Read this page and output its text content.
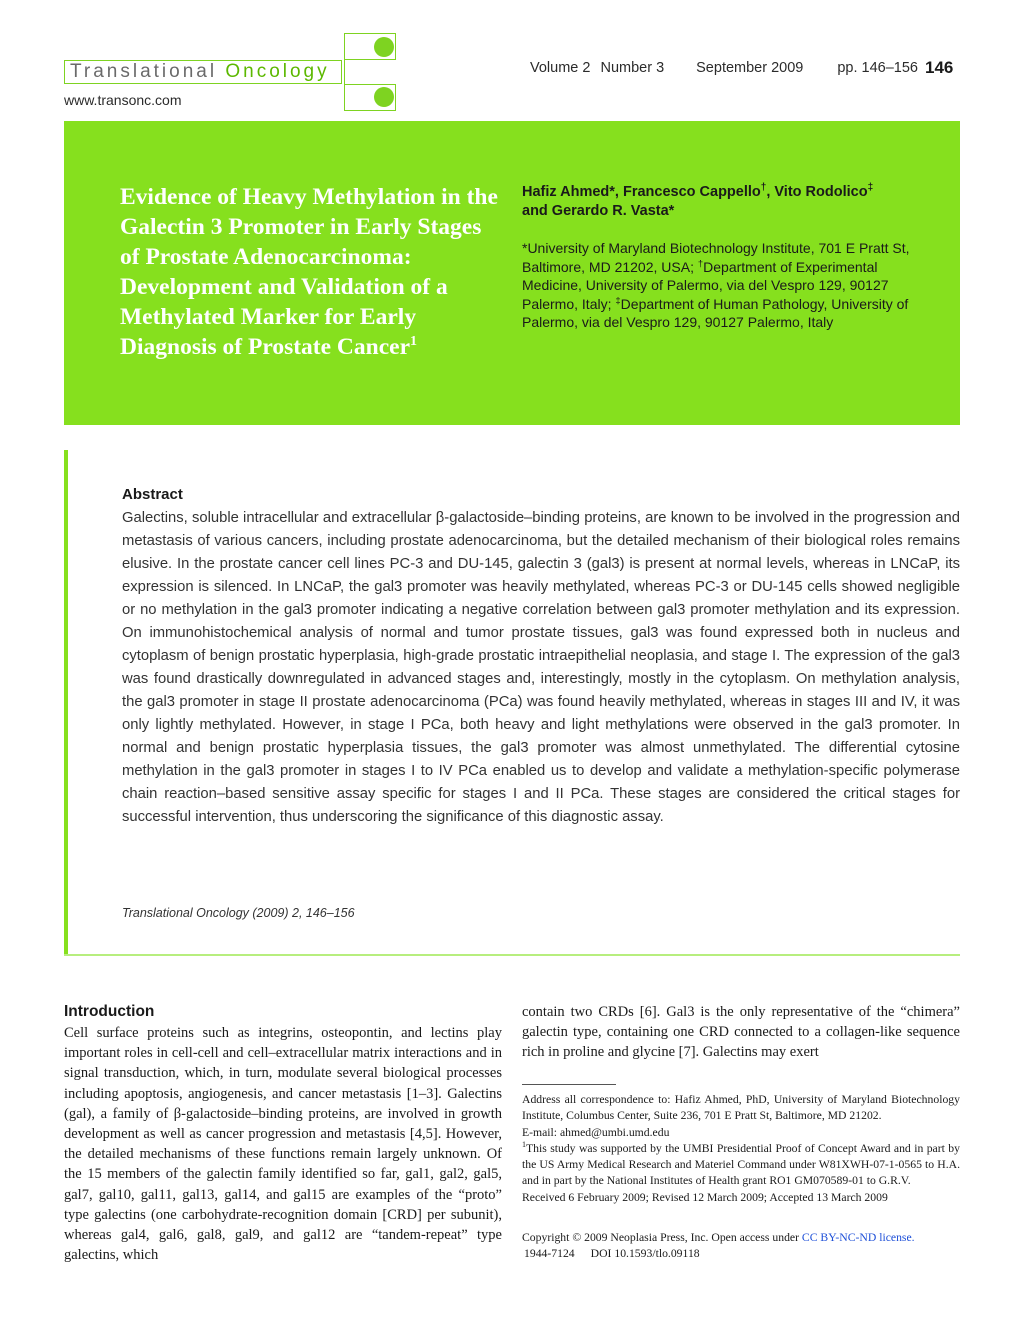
Translational Oncology
www.transonc.com
Volume 2 Number 3 September 2009 pp. 146–156 146
Evidence of Heavy Methylation in the Galectin 3 Promoter in Early Stages of Prostate Adenocarcinoma: Development and Validation of a Methylated Marker for Early Diagnosis of Prostate Cancer$^1$
Hafiz Ahmed*, Francesco Cappello†, Vito Rodolico‡
and Gerardo R. Vasta*
*University of Maryland Biotechnology Institute, 701 E Pratt St, Baltimore, MD 21202, USA; †Department of Experimental Medicine, University of Palermo, via del Vespro 129, 90127 Palermo, Italy; ‡Department of Human Pathology, University of Palermo, via del Vespro 129, 90127 Palermo, Italy
Abstract

Galectins, soluble intracellular and extracellular β-galactoside–binding proteins, are known to be involved in the progression and metastasis of various cancers, including prostate adenocarcinoma, but the detailed mechanism of their biological roles remains elusive. In the prostate cancer cell lines PC-3 and DU-145, galectin 3 (gal3) is present at normal levels, whereas in LNCaP, its expression is silenced. In LNCaP, the gal3 promoter was heavily methylated, whereas PC-3 or DU-145 cells showed negligible or no methylation in the gal3 promoter indicating a negative correlation between gal3 promoter methylation and its expression. On immunohistochemical analysis of normal and tumor prostate tissues, gal3 was found expressed both in nucleus and cytoplasm of benign prostatic hyperplasia, high-grade prostatic intraepithelial neoplasia, and stage I. The expression of the gal3 was found drastically downregulated in advanced stages and, interestingly, mostly in the cytoplasm. On methylation analysis, the gal3 promoter in stage II prostate adenocarcinoma (PCa) was found heavily methylated, whereas in stages III and IV, it was only lightly methylated. However, in stage I PCa, both heavy and light methylations were observed in the gal3 promoter. In normal and benign prostatic hyperplasia tissues, the gal3 promoter was almost unmethylated. The differential cytosine methylation in the gal3 promoter in stages I to IV PCa enabled us to develop and validate a methylation-specific polymerase chain reaction–based sensitive assay specific for stages I and II PCa. These stages are considered the critical stages for successful intervention, thus underscoring the significance of this diagnostic assay.

Translational Oncology (2009) 2, 146–156
Introduction

Cell surface proteins such as integrins, osteopontin, and lectins play important roles in cell-cell and cell–extracellular matrix interactions and in signal transduction, which, in turn, modulate several biological processes including apoptosis, angiogenesis, and cancer metastasis [1–3]. Galectins (gal), a family of β-galactoside–binding proteins, are involved in growth development as well as cancer progression and metastasis [4,5]. However, the detailed mechanisms of these functions remain largely unknown. Of the 15 members of the galectin family identified so far, gal1, gal2, gal5, gal7, gal10, gal11, gal13, gal14, and gal15 are examples of the “proto” type galectins (one carbohydrate-recognition domain [CRD] per subunit), whereas gal4, gal6, gal8, gal9, and gal12 are “tandem-repeat” type galectins, which

contain two CRDs [6]. Gal3 is the only representative of the “chimera” galectin type, containing one CRD connected to a collagen-like sequence rich in proline and glycine [7]. Galectins may exert

Address all correspondence to: Hafiz Ahmed, PhD, University of Maryland Biotechnology Institute, Columbus Center, Suite 236, 701 E Pratt St, Baltimore, MD 21202.

E-mail: ahmed@umbi.umd.edu

$^1$This study was supported by the UMBI Presidential Proof of Concept Award and in part by the US Army Medical Research and Materiel Command under W81XWH-07-1-0565 to H.A. and in part by the National Institutes of Health grant RO1 GM070589-01 to G.R.V.

Received 6 February 2009; Revised 12 March 2009; Accepted 13 March 2009

Copyright © 2009 Neoplasia Press, Inc. Open access under CC BY-NC-ND license.
1944-7124 DOI 10.1593/tlo.09118
